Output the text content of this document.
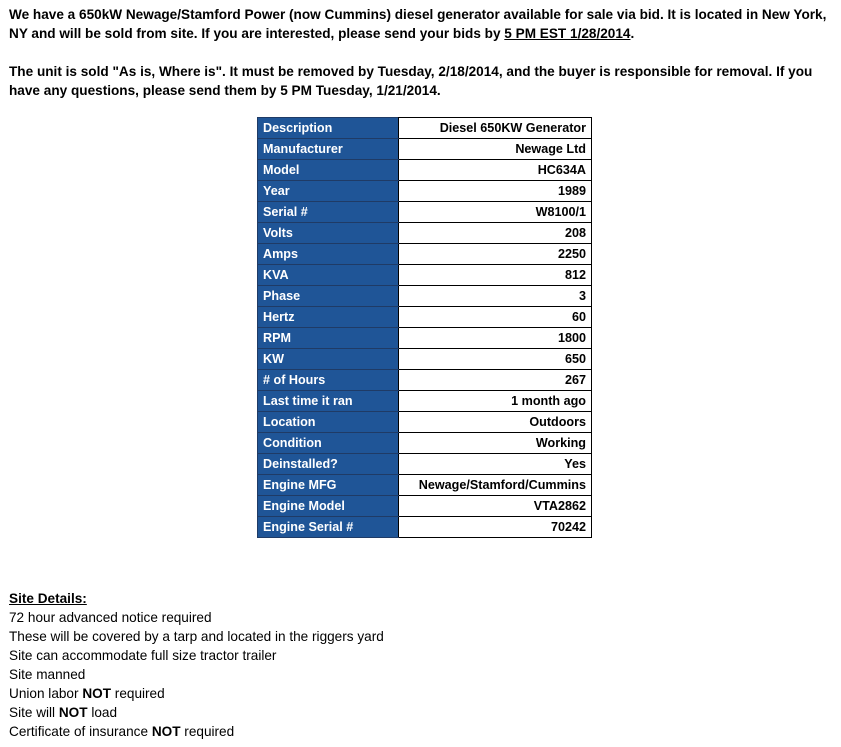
We have a 650kW Newage/Stamford Power (now Cummins) diesel generator available for sale via bid. It is located in New York, NY and will be sold from site. If you are interested, please send your bids by 5 PM EST 1/28/2014.

The unit is sold "As is, Where is". It must be removed by Tuesday, 2/18/2014, and the buyer is responsible for removal. If you have any questions, please send them by 5 PM Tuesday, 1/21/2014.

Description	Diesel 650KW Generator
Manufacturer	Newage Ltd
Model	HC634A
Year	1989
Serial #	W8100/1
Volts	208
Amps	2250
KVA	812
Phase	3
Hertz	60
RPM	1800
KW	650
# of Hours	267
Last time it ran	1 month ago
Location	Outdoors
Condition	Working
Deinstalled?	Yes
Engine MFG	Newage/Stamford/Cummins
Engine Model	VTA2862
Engine Serial #	70242

Site Details:

72 hour advanced notice required

These will be covered by a tarp and located in the riggers yard

Site can accommodate full size tractor trailer

Site manned

Union labor NOT required

Site will NOT load

Certificate of insurance NOT required
